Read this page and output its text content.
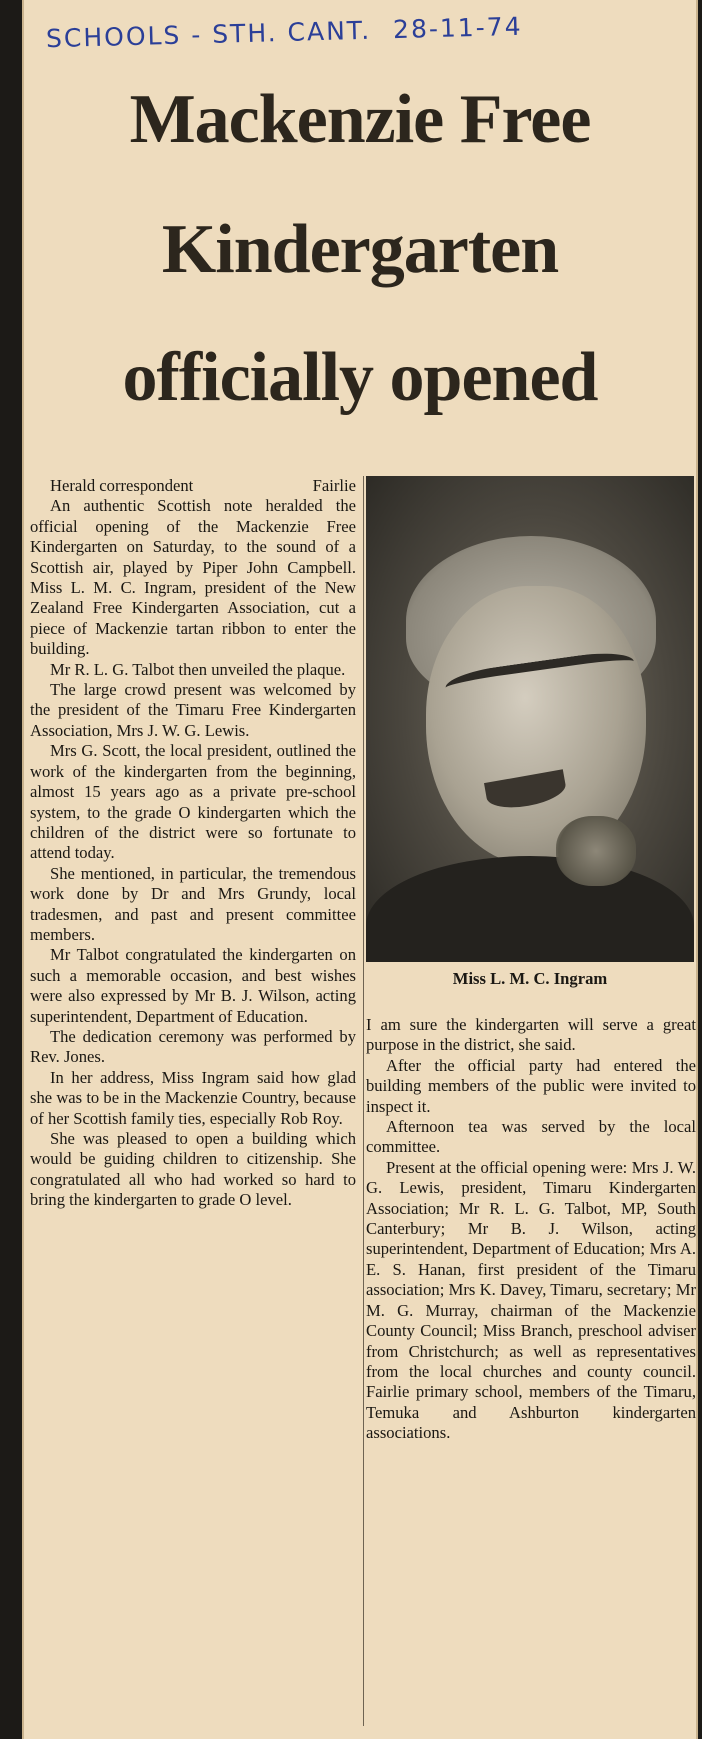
SCHOOLS - STH. CANT. 28-11-74
Mackenzie Free
Kindergarten
officially opened

Herald correspondent	Fairlie

An authentic Scottish note heralded the official opening of the Mackenzie Free Kindergarten on Saturday, to the sound of a Scottish air, played by Piper John Campbell. Miss L. M. C. Ingram, president of the New Zealand Free Kindergarten Association, cut a piece of Mackenzie tartan ribbon to enter the building.

Mr R. L. G. Talbot then unveiled the plaque.

The large crowd present was welcomed by the president of the Timaru Free Kindergarten Association, Mrs J. W. G. Lewis.

Mrs G. Scott, the local president, outlined the work of the kindergarten from the beginning, almost 15 years ago as a private pre-school system, to the grade O kindergarten which the children of the district were so fortunate to attend today.

She mentioned, in particular, the tremendous work done by Dr and Mrs Grundy, local tradesmen, and past and present committee members.

Mr Talbot congratulated the kindergarten on such a memorable occasion, and best wishes were also expressed by Mr B. J. Wilson, acting superintendent, Department of Education.

The dedication ceremony was performed by Rev. Jones.

In her address, Miss Ingram said how glad she was to be in the Mackenzie Country, because of her Scottish family ties, especially Rob Roy.

She was pleased to open a building which would be guiding children to citizenship. She congratulated all who had worked so hard to bring the kindergarten to grade O level.

Miss L. M. C. Ingram

I am sure the kindergarten will serve a great purpose in the district, she said.

After the official party had entered the building members of the public were invited to inspect it.

Afternoon tea was served by the local committee.

Present at the official opening were: Mrs J. W. G. Lewis, president, Timaru Kindergarten Association; Mr R. L. G. Talbot, MP, South Canterbury; Mr B. J. Wilson, acting superintendent, Department of Education; Mrs A. E. S. Hanan, first president of the Timaru association; Mrs K. Davey, Timaru, secretary; Mr M. G. Murray, chairman of the Mackenzie County Council; Miss Branch, preschool adviser from Christchurch; as well as representatives from the local churches and county council. Fairlie primary school, members of the Timaru, Temuka and Ashburton kindergarten associations.
